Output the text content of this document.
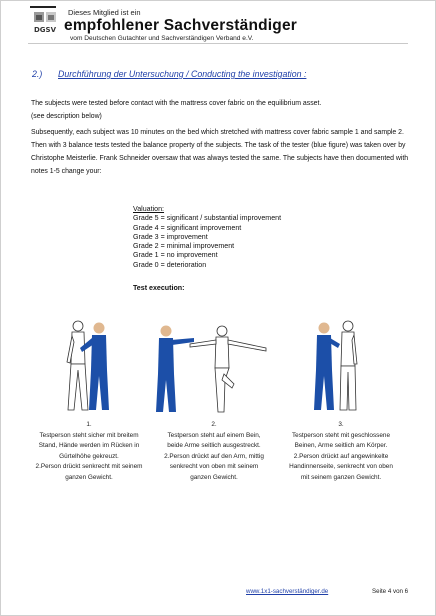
DGSV
Dieses Mitglied ist ein
empfohlener Sachverständiger
vom Deutschen Gutachter und Sachverständigen Verband e.V.
2.) Durchführung der Untersuchung / Conducting the investigation :
The subjects were tested before contact with the mattress cover fabric on the equilibrium asset.
(see description below)
Subsequently, each subject was 10 minutes on the bed which stretched with mattress cover fabric sample 1 and sample 2. Then with 3 balance tests tested the balance property of the subjects. The task of the tester (blue figure) was taken over by Christophe Meisterlie. Frank Schneider oversaw that was always tested the same. The subjects have then documented with notes 1-5 change your:
Valuation:
Grade 5 = significant / substantial improvement
Grade 4 = significant improvement
Grade 3 = improvement
Grade 2 = minimal improvement
Grade 1 = no improvement
Grade 0 = deterioration
Test execution:
1.
Testperson steht sicher mit breitem
Stand, Hände werden im Rücken in
Gürtelhöhe gekreuzt.
2.Person drückt senkrecht mit seinem
ganzen Gewicht.
2.
Testperson steht auf einem Bein,
beide Arme seitlich ausgestreckt.
2.Person drückt auf den Arm, mittig
senkrecht von oben mit seinem
ganzen Gewicht.
3.
Testperson steht mit geschlossene
Beinen, Arme seitlich am Körper.
2.Person drückt auf angewinkelte
Handinnenseite, senkrecht von oben
mit seinem ganzen Gewicht.
www.1x1-sachverständiger.de	Seite 4 von 6
